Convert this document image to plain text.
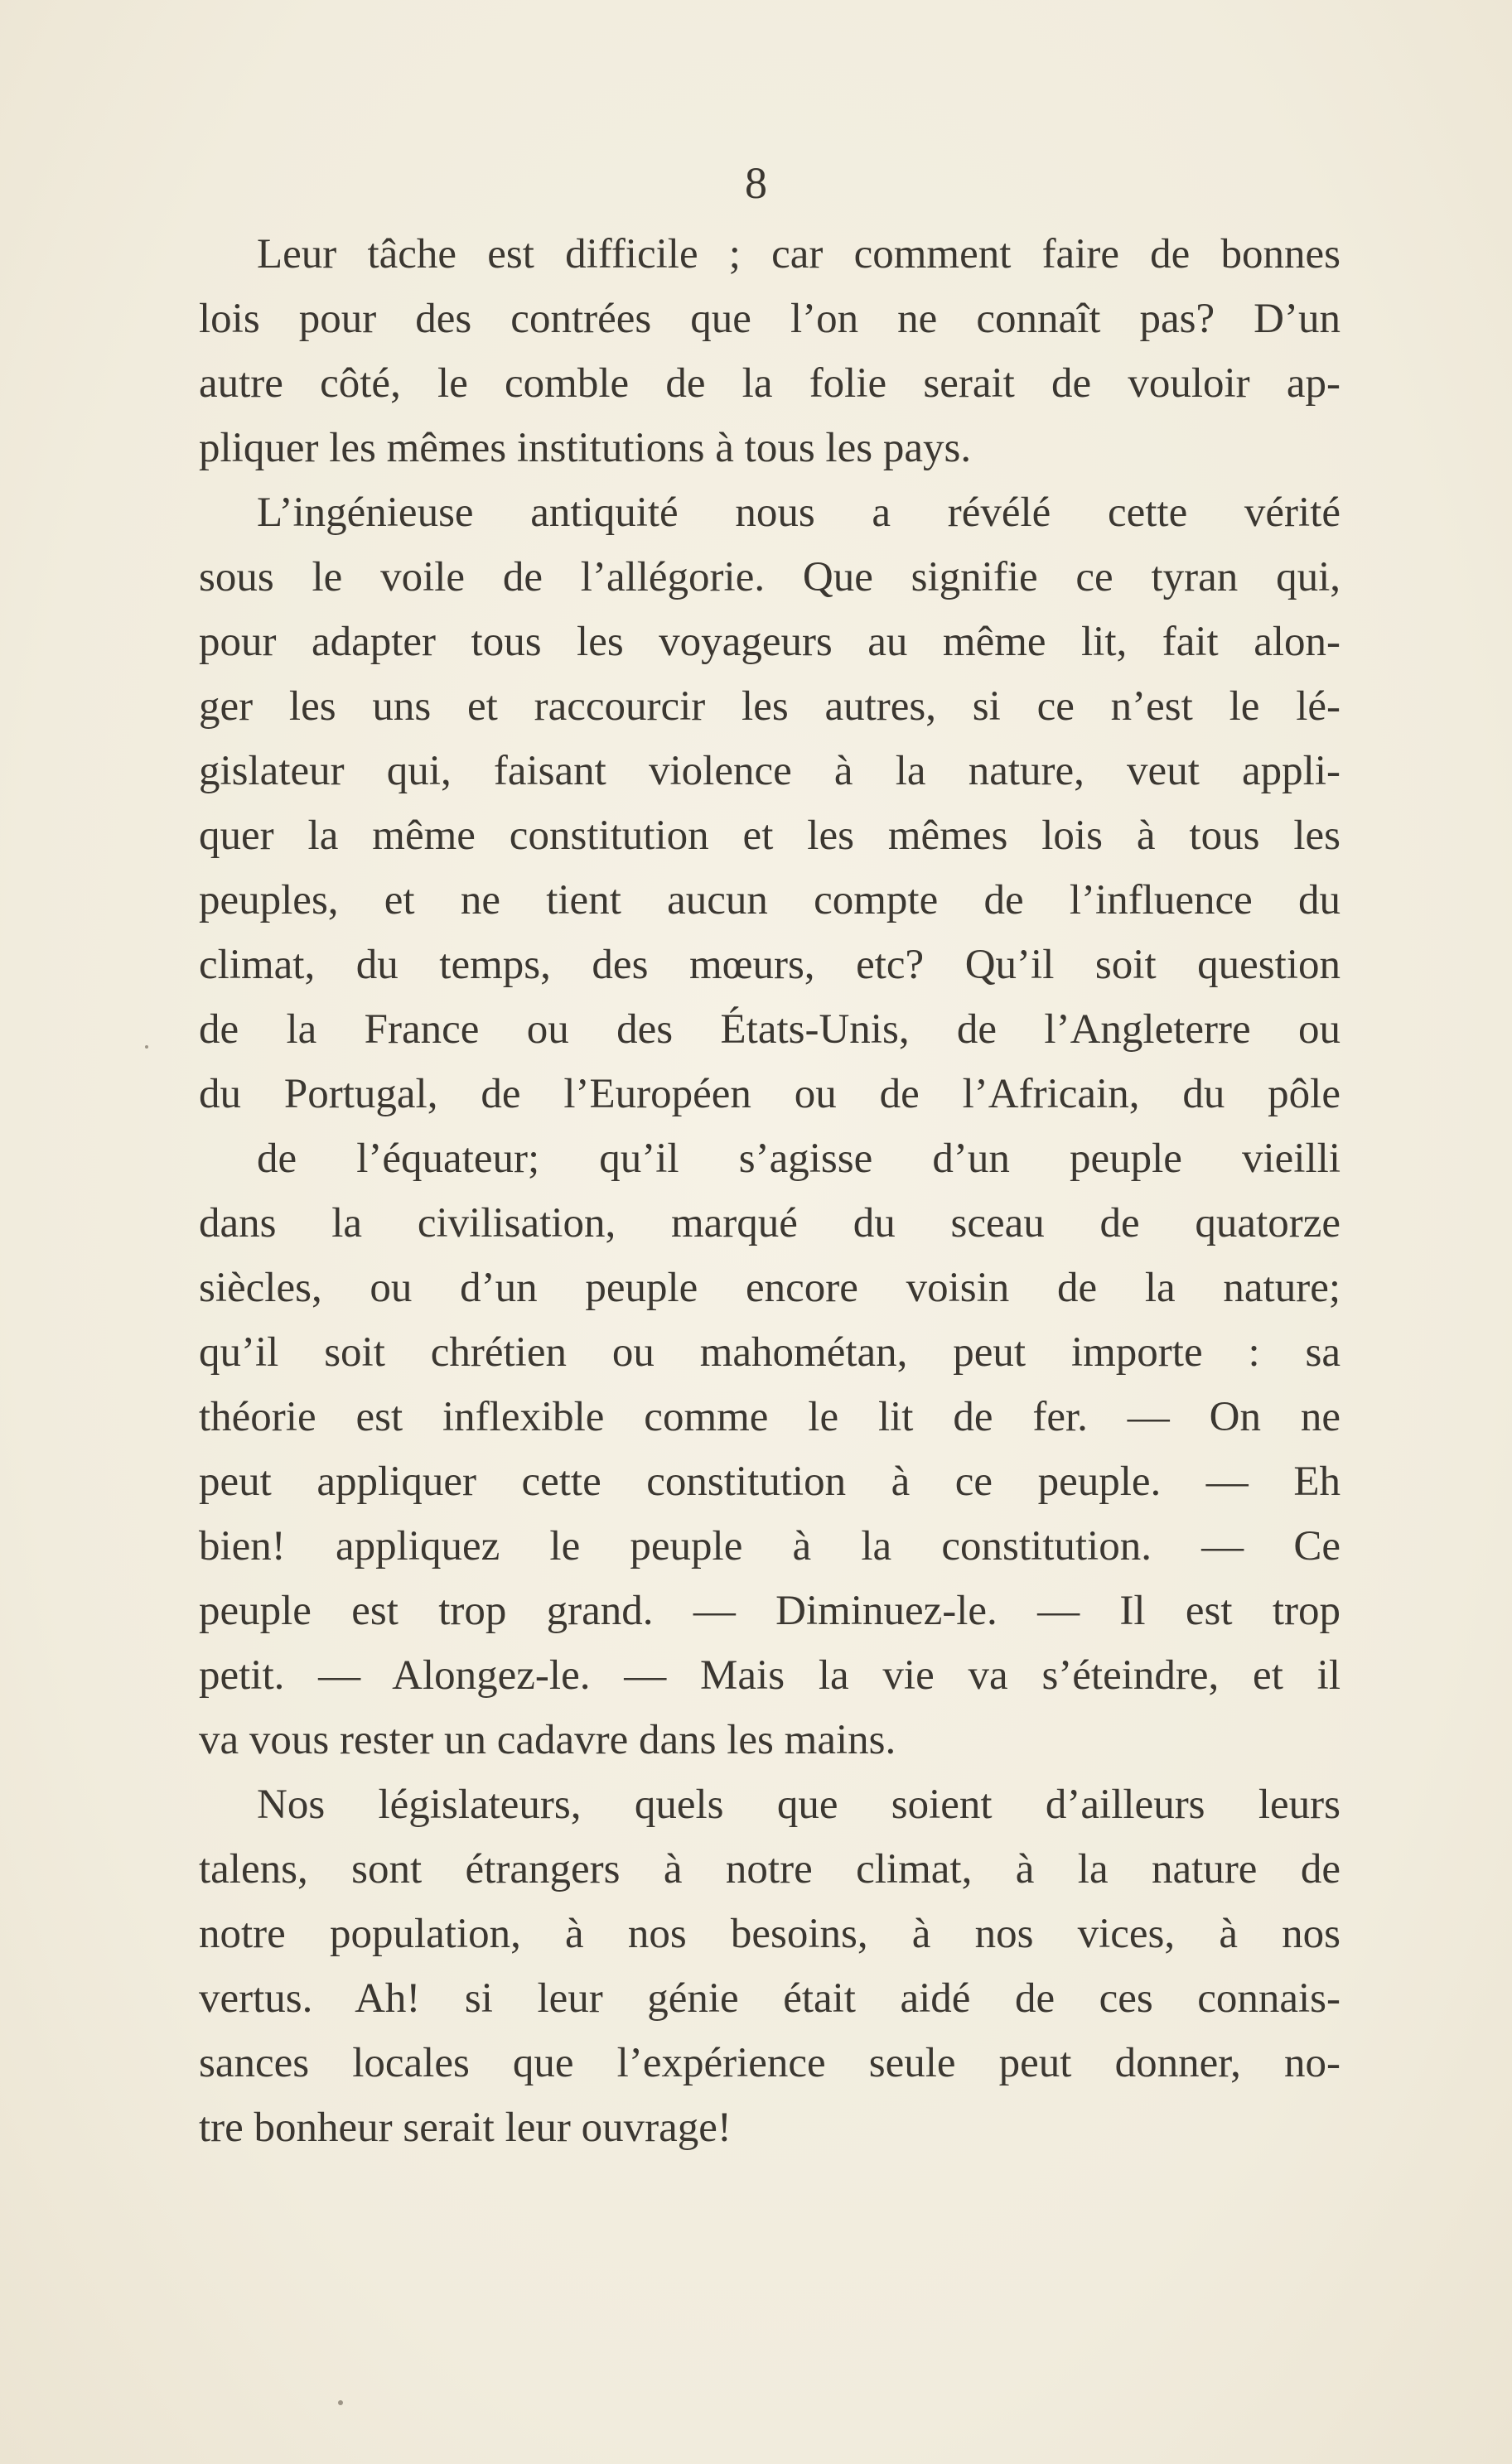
8

Leur tâche est difficile ; car comment faire de bonnes
lois pour des contrées que l’on ne connaît pas? D’un
autre côté, le comble de la folie serait de vouloir ap-
pliquer les mêmes institutions à tous les pays.

L’ingénieuse antiquité nous a révélé cette vérité
sous le voile de l’allégorie. Que signifie ce tyran qui,
pour adapter tous les voyageurs au même lit, fait alon-
ger les uns et raccourcir les autres, si ce n’est le lé-
gislateur qui, faisant violence à la nature, veut appli-
quer la même constitution et les mêmes lois à tous les
peuples, et ne tient aucun compte de l’influence du
climat, du temps, des mœurs, etc? Qu’il soit question
de la France ou des États-Unis, de l’Angleterre ou
du Portugal, de l’Européen ou de l’Africain, du pôle
de l’équateur; qu’il s’agisse d’un peuple vieilli
dans la civilisation, marqué du sceau de quatorze
siècles, ou d’un peuple encore voisin de la nature;
qu’il soit chrétien ou mahométan, peut importe : sa
théorie est inflexible comme le lit de fer. — On ne
peut appliquer cette constitution à ce peuple. — Eh
bien! appliquez le peuple à la constitution. — Ce
peuple est trop grand. — Diminuez-le. — Il est trop
petit. — Alongez-le. — Mais la vie va s’éteindre, et il
va vous rester un cadavre dans les mains.

Nos législateurs, quels que soient d’ailleurs leurs
talens, sont étrangers à notre climat, à la nature de
notre population, à nos besoins, à nos vices, à nos
vertus. Ah! si leur génie était aidé de ces connais-
sances locales que l’expérience seule peut donner, no-
tre bonheur serait leur ouvrage!
